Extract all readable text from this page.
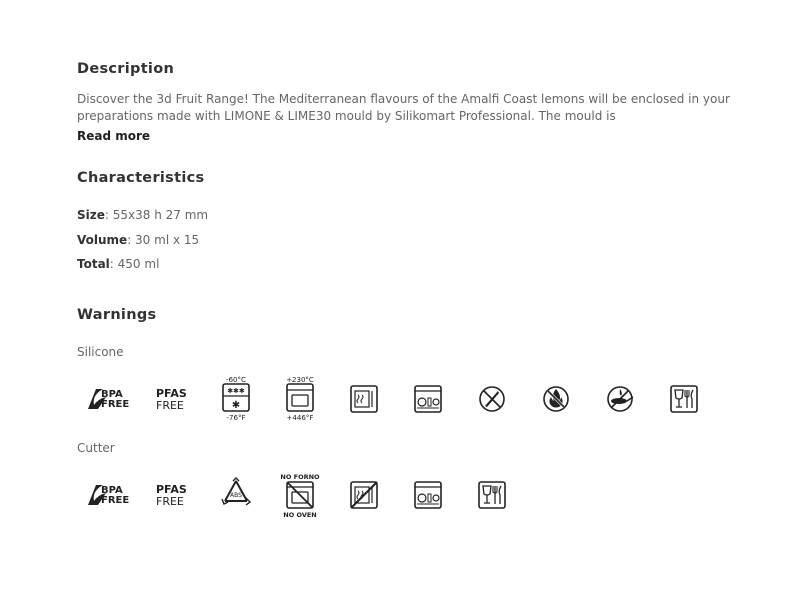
Description

Discover the 3d Fruit Range! The Mediterranean flavours of the Amalfi Coast lemons will be enclosed in your preparations made with LIMONE & LIME30 mould by Silikomart Professional. The mould is

Read more
Characteristics
Size: 55x38 h 27 mm
Volume: 30 ml x 15
Total: 450 ml
Warnings
Silicone
BPA
FREE
PFAS
FREE
-60°C
✱✱✱
✱
-76°F
+230°C
+446°F
Cutter
BPA
FREE
PFAS
FREE	ABS
NO FORNO
NO OVEN
